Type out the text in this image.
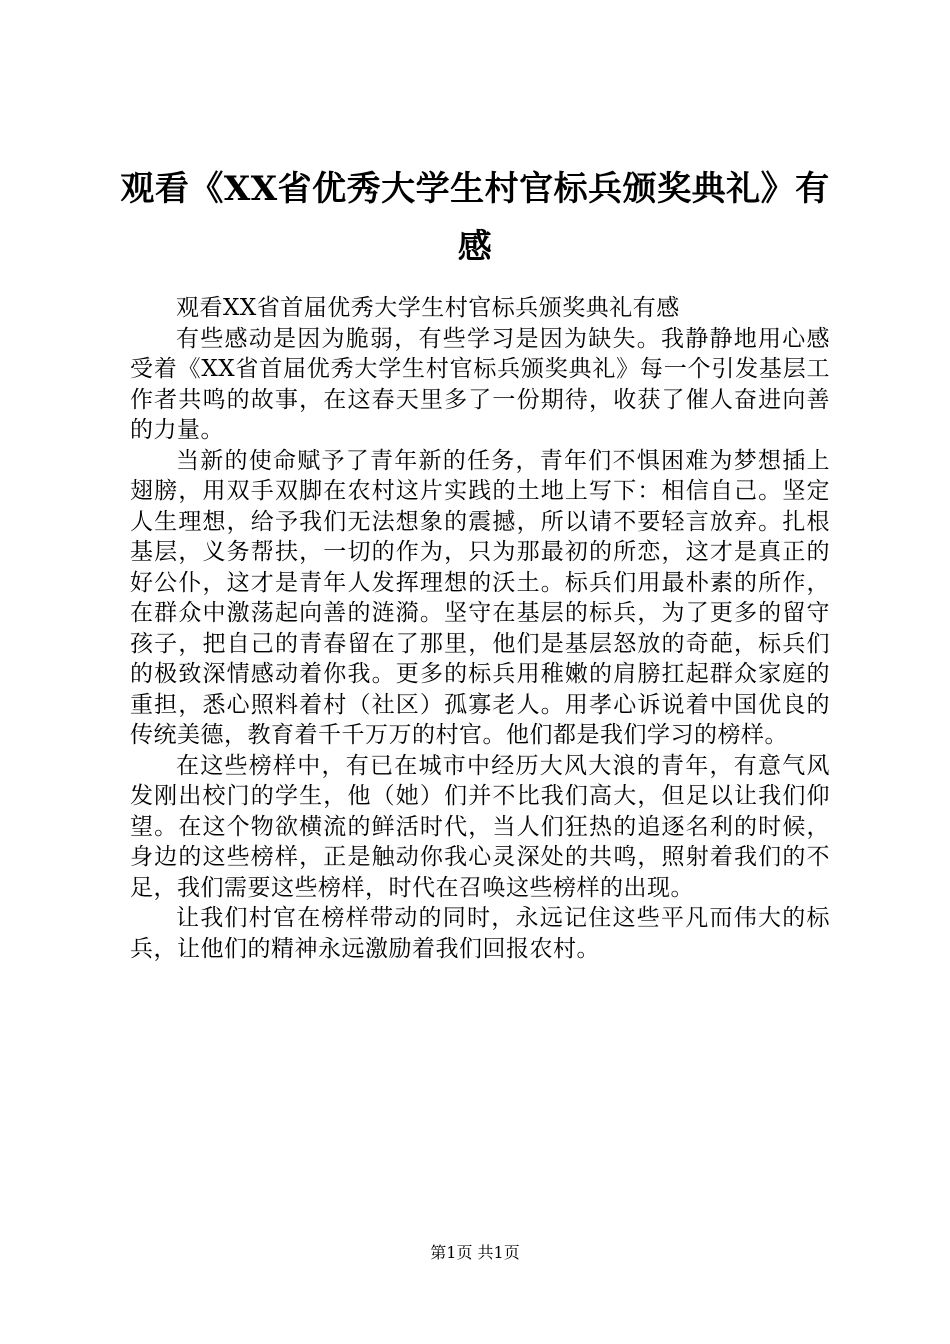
观看《XX省优秀大学生村官标兵颁奖典礼》有感

观看XX省首届优秀大学生村官标兵颁奖典礼有感

有些感动是因为脆弱，有些学习是因为缺失。我静静地用心感受着《XX省首届优秀大学生村官标兵颁奖典礼》每一个引发基层工作者共鸣的故事，在这春天里多了一份期待，收获了催人奋进向善的力量。

当新的使命赋予了青年新的任务，青年们不惧困难为梦想插上翅膀，用双手双脚在农村这片实践的土地上写下：相信自己。坚定人生理想，给予我们无法想象的震撼，所以请不要轻言放弃。扎根基层，义务帮扶，一切的作为，只为那最初的所恋，这才是真正的好公仆，这才是青年人发挥理想的沃土。标兵们用最朴素的所作，在群众中激荡起向善的涟漪。坚守在基层的标兵，为了更多的留守孩子，把自己的青春留在了那里，他们是基层怒放的奇葩，标兵们的极致深情感动着你我。更多的标兵用稚嫩的肩膀扛起群众家庭的重担，悉心照料着村（社区）孤寡老人。用孝心诉说着中国优良的传统美德，教育着千千万万的村官。他们都是我们学习的榜样。

在这些榜样中，有已在城市中经历大风大浪的青年，有意气风发刚出校门的学生，他（她）们并不比我们高大，但足以让我们仰望。在这个物欲横流的鲜活时代，当人们狂热的追逐名利的时候，身边的这些榜样，正是触动你我心灵深处的共鸣，照射着我们的不足，我们需要这些榜样，时代在召唤这些榜样的出现。

让我们村官在榜样带动的同时，永远记住这些平凡而伟大的标兵，让他们的精神永远激励着我们回报农村。

第1页 共1页
